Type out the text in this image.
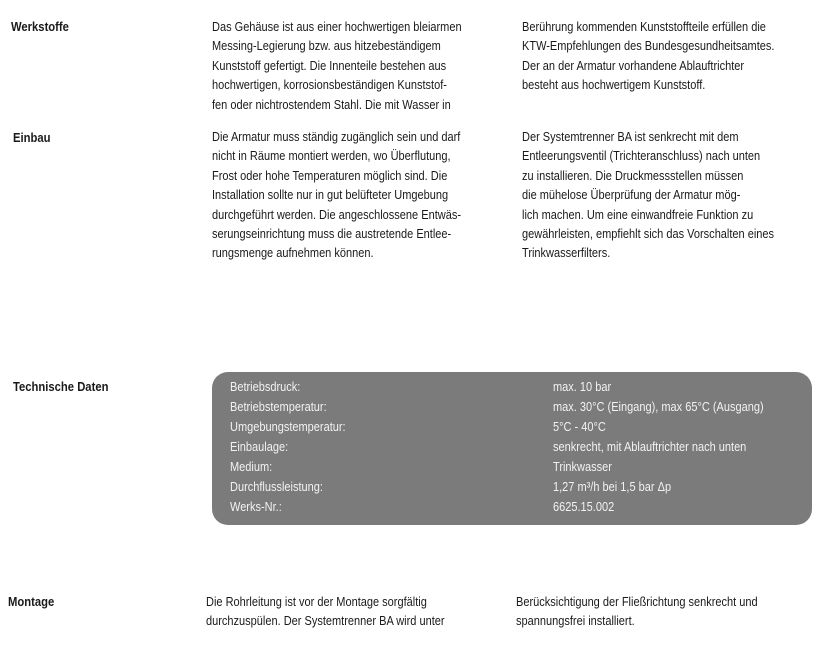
Werkstoffe	Das Gehäuse ist aus einer hochwertigen bleiarmen
Messing-Legierung bzw. aus hitzebeständigem
Kunststoff gefertigt. Die Innenteile bestehen aus
hochwertigen, korrosionsbeständigen Kunststof-
fen oder nichtrostendem Stahl. Die mit Wasser in
Berührung kommenden Kunststoffteile erfüllen die
KTW-Empfehlungen des Bundesgesundheitsamtes.
Der an der Armatur vorhandene Ablauftrichter
besteht aus hochwertigem Kunststoff.
Einbau	Die Armatur muss ständig zugänglich sein und darf
nicht in Räume montiert werden, wo Überflutung,
Frost oder hohe Temperaturen möglich sind. Die
Installation sollte nur in gut belüfteter Umgebung
durchgeführt werden. Die angeschlossene Entwäs-
serungseinrichtung muss die austretende Entlee-
rungsmenge aufnehmen können.
Der Systemtrenner BA ist senkrecht mit dem
Entleerungsventil (Trichteranschluss) nach unten
zu installieren. Die Druckmessstellen müssen
die mühelose Überprüfung der Armatur mög-
lich machen. Um eine einwandfreie Funktion zu
gewährleisten, empfiehlt sich das Vorschalten eines
Trinkwasserfilters.
Technische Daten	Betriebsdruck:	max. 10 bar
Betriebstemperatur:	max. 30°C (Eingang), max 65°C (Ausgang)
Umgebungstemperatur:	5°C - 40°C
Einbaulage:	senkrecht, mit Ablauftrichter nach unten
Medium:	Trinkwasser
Durchflussleistung:	1,27 m³/h bei 1,5 bar Δp
Werks-Nr.:	6625.15.002
Montage	Die Rohrleitung ist vor der Montage sorgfältig
durchzuspülen. Der Systemtrenner BA wird unter
Berücksichtigung der Fließrichtung senkrecht und
spannungsfrei installiert.
